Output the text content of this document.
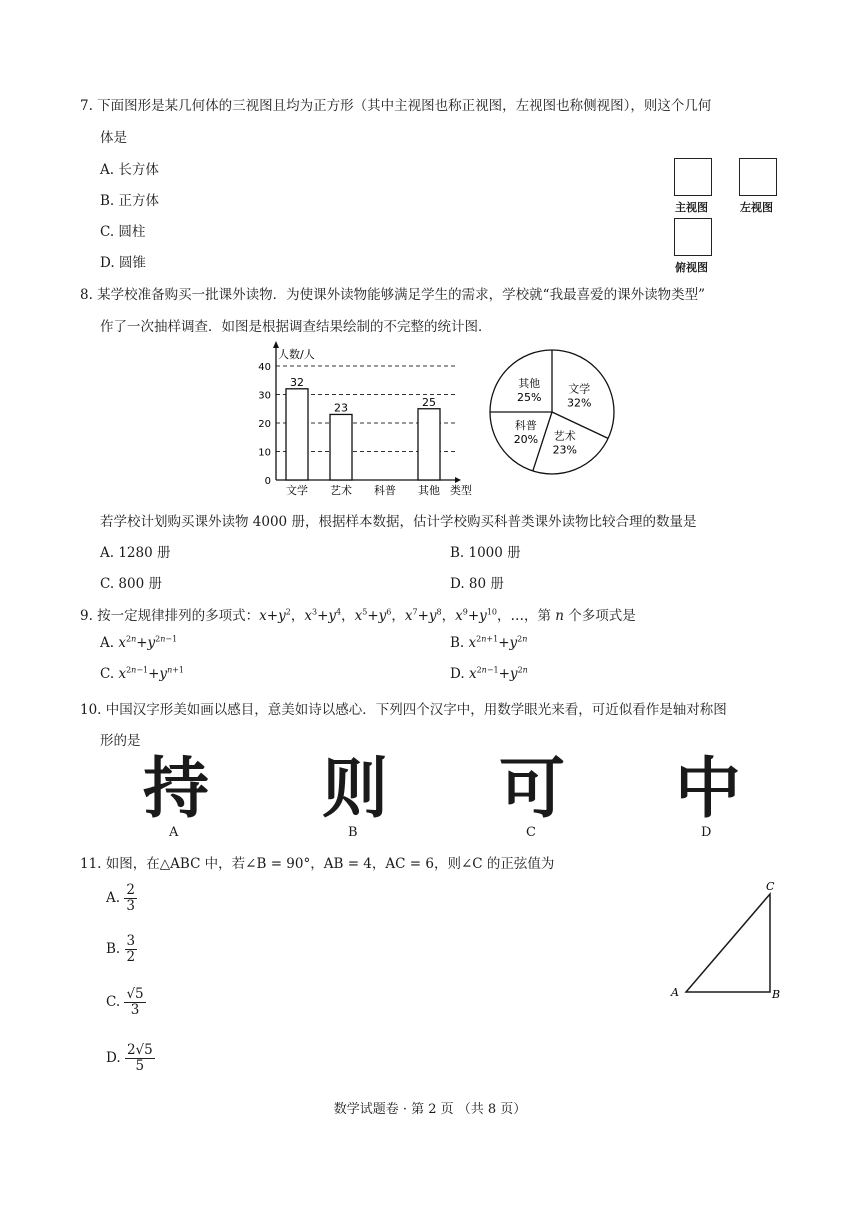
7. 下面图形是某几何体的三视图且均为正方形（其中主视图也称正视图，左视图也称侧视图），则这个几何
体是
A. 长方体
B. 正方体
C. 圆柱
D. 圆锥
主视图	左视图
俯视图
8. 某学校准备购买一批课外读物．为使课外读物能够满足学生的需求，学校就“我最喜爱的课外读物类型”
作了一次抽样调查．如图是根据调查结果绘制的不完整的统计图．
0
10
20
30
40
人数/人
类型
32
文学
23
艺术 科普
25
其他
文学
32%
艺术
23%
科普
20%
其他
25%
若学校计划购买课外读物 4000 册，根据样本数据，估计学校购买科普类课外读物比较合理的数量是
A. 1280 册	B. 1000 册
C. 800 册	D. 80 册
9. 按一定规律排列的多项式：$x+y^2$，$x^3+y^4$，$x^5+y^6$，$x^7+y^8$，$x^9+y^{10}$，…，第 n 个多项式是
A. $x^{2n}+y^{2n-1}$	B. $x^{2n+1}+y^{2n}$
C. $x^{2n-1}+y^{n+1}$	D. $x^{2n-1}+y^{2n}$
10. 中国汉字形美如画以感目，意美如诗以感心．下列四个汉字中，用数学眼光来看，可近似看作是轴对称图
形的是
持 则 可 中
A	B	C	D
11. 如图，在△ABC 中，若∠B = 90°，AB = 4，AC = 6，则∠C 的正弦值为
A. $\frac{2}{3}$
B. $\frac{3}{2}$
C. $\frac{√5}{3}$
D. $\frac{2√5}{5}$
A	B
C
数学试题卷 · 第 2 页 （共 8 页）
